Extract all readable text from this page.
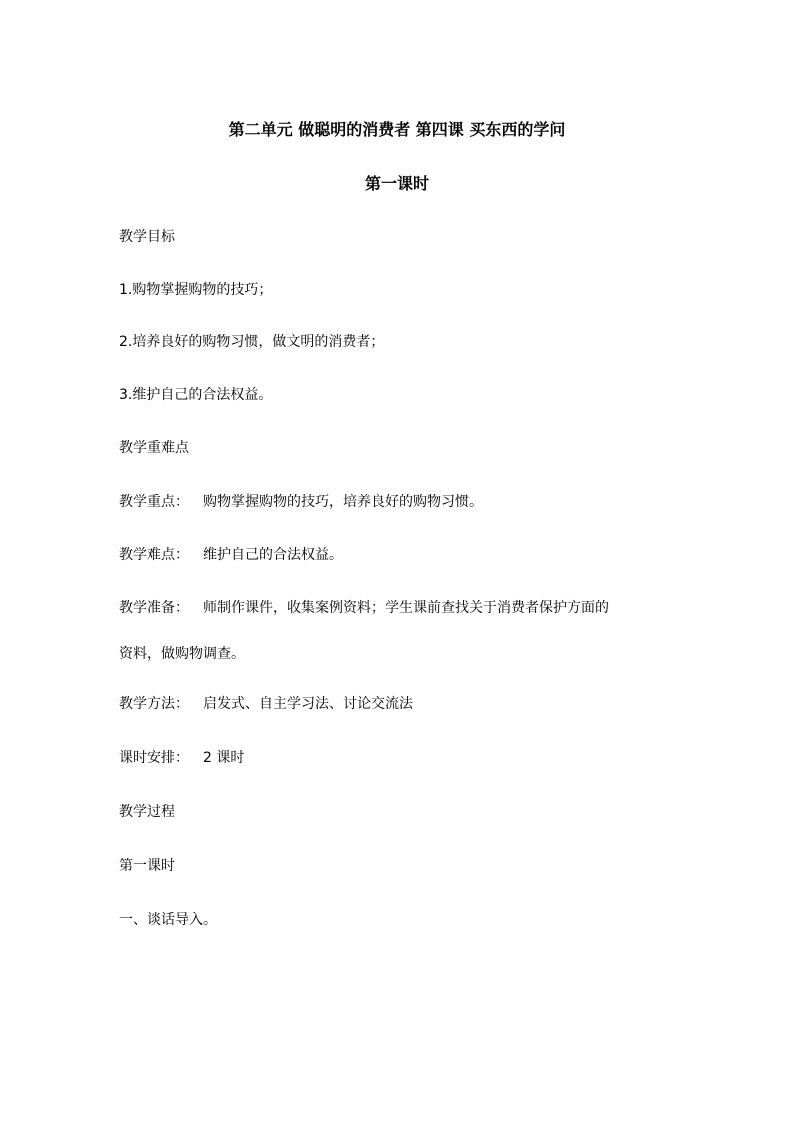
第二单元 做聪明的消费者 第四课 买东西的学问
第一课时
教学目标
1.购物掌握购物的技巧；
2.培养良好的购物习惯，做文明的消费者；
3.维护自己的合法权益。
教学重难点
教学重点： 购物掌握购物的技巧，培养良好的购物习惯。
教学难点： 维护自己的合法权益。
教学准备： 师制作课件，收集案例资料；学生课前查找关于消费者保护方面的
资料，做购物调查。
教学方法： 启发式、自主学习法、讨论交流法
课时安排： 2 课时
教学过程
第一课时
一、谈话导入。
